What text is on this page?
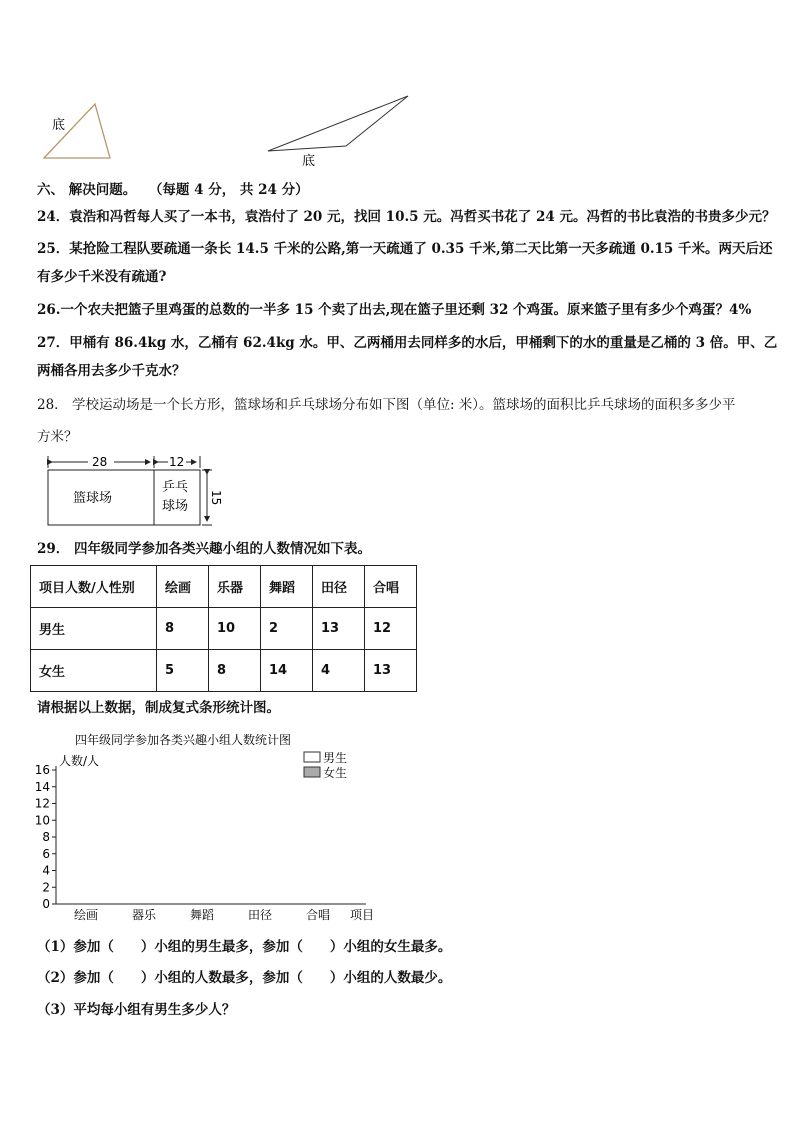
底
底
六、 解决问题。 （每题 4 分， 共 24 分）
24．袁浩和冯哲每人买了一本书，袁浩付了 20 元，找回 10.5 元。冯哲买书花了 24 元。冯哲的书比袁浩的书贵多少元？
25．某抢险工程队要疏通一条长 14.5 千米的公路,第一天疏通了 0.35 千米,第二天比第一天多疏通 0.15 千米。两天后还
有多少千米没有疏通?
26.一个农夫把篮子里鸡蛋的总数的一半多 15 个卖了出去,现在篮子里还剩 32 个鸡蛋。原来篮子里有多少个鸡蛋？4%
27．甲桶有 86.4kg 水，乙桶有 62.4kg 水。甲、乙两桶用去同样多的水后，甲桶剩下的水的重量是乙桶的 3 倍。甲、乙
两桶各用去多少千克水？
28． 学校运动场是一个长方形，篮球场和乒乓球场分布如下图（单位: 米）。篮球场的面积比乒乓球场的面积多多少平
方米？
28	12
15
篮球场
乒乓
球场
29． 四年级同学参加各类兴趣小组的人数情况如下表。
项目人数/人性别	绘画	乐器	舞蹈	田径	合唱
男生	8	10	2	13	12
女生	5	8	14	4	13
请根据以上数据，制成复式条形统计图。
四年级同学参加各类兴趣小组人数统计图
人数/人	男生
女生
0
2
4
6
8
10
12
14
16
绘画	器乐	舞蹈	田径	合唱 项目
（1）参加（　　）小组的男生最多，参加（　　）小组的女生最多。
（2）参加（　　）小组的人数最多，参加（　　）小组的人数最少。
（3）平均每小组有男生多少人？
